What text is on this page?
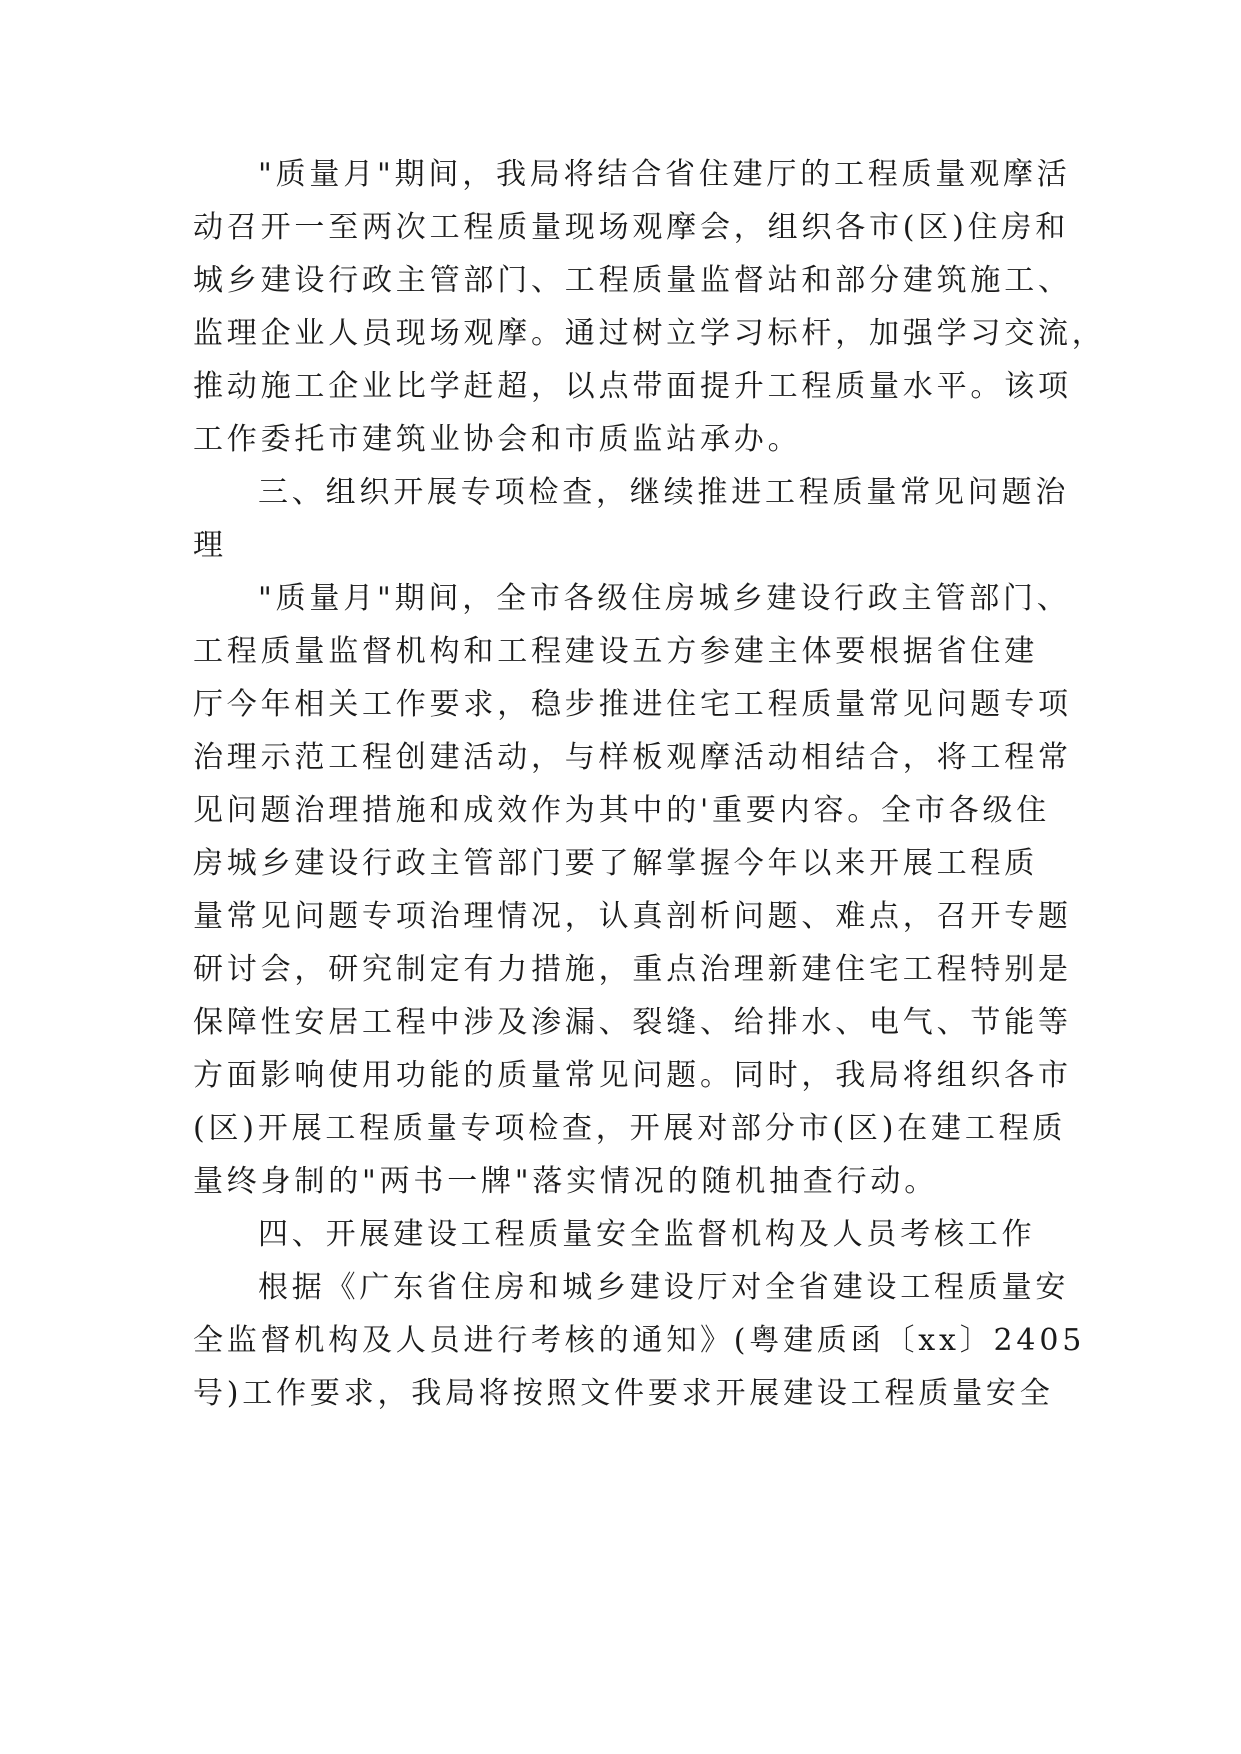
"质量月"期间，我局将结合省住建厅的工程质量观摩活

动召开一至两次工程质量现场观摩会，组织各市(区)住房和

城乡建设行政主管部门、工程质量监督站和部分建筑施工、

监理企业人员现场观摩。通过树立学习标杆，加强学习交流，

推动施工企业比学赶超，以点带面提升工程质量水平。该项

工作委托市建筑业协会和市质监站承办。

三、组织开展专项检查，继续推进工程质量常见问题治

理

"质量月"期间，全市各级住房城乡建设行政主管部门、

工程质量监督机构和工程建设五方参建主体要根据省住建

厅今年相关工作要求，稳步推进住宅工程质量常见问题专项

治理示范工程创建活动，与样板观摩活动相结合，将工程常

见问题治理措施和成效作为其中的'重要内容。全市各级住

房城乡建设行政主管部门要了解掌握今年以来开展工程质

量常见问题专项治理情况，认真剖析问题、难点，召开专题

研讨会，研究制定有力措施，重点治理新建住宅工程特别是

保障性安居工程中涉及渗漏、裂缝、给排水、电气、节能等

方面影响使用功能的质量常见问题。同时，我局将组织各市

(区)开展工程质量专项检查，开展对部分市(区)在建工程质

量终身制的"两书一牌"落实情况的随机抽查行动。

四、开展建设工程质量安全监督机构及人员考核工作

根据《广东省住房和城乡建设厅对全省建设工程质量安

全监督机构及人员进行考核的通知》(粤建质函〔xx〕2405

号)工作要求，我局将按照文件要求开展建设工程质量安全
